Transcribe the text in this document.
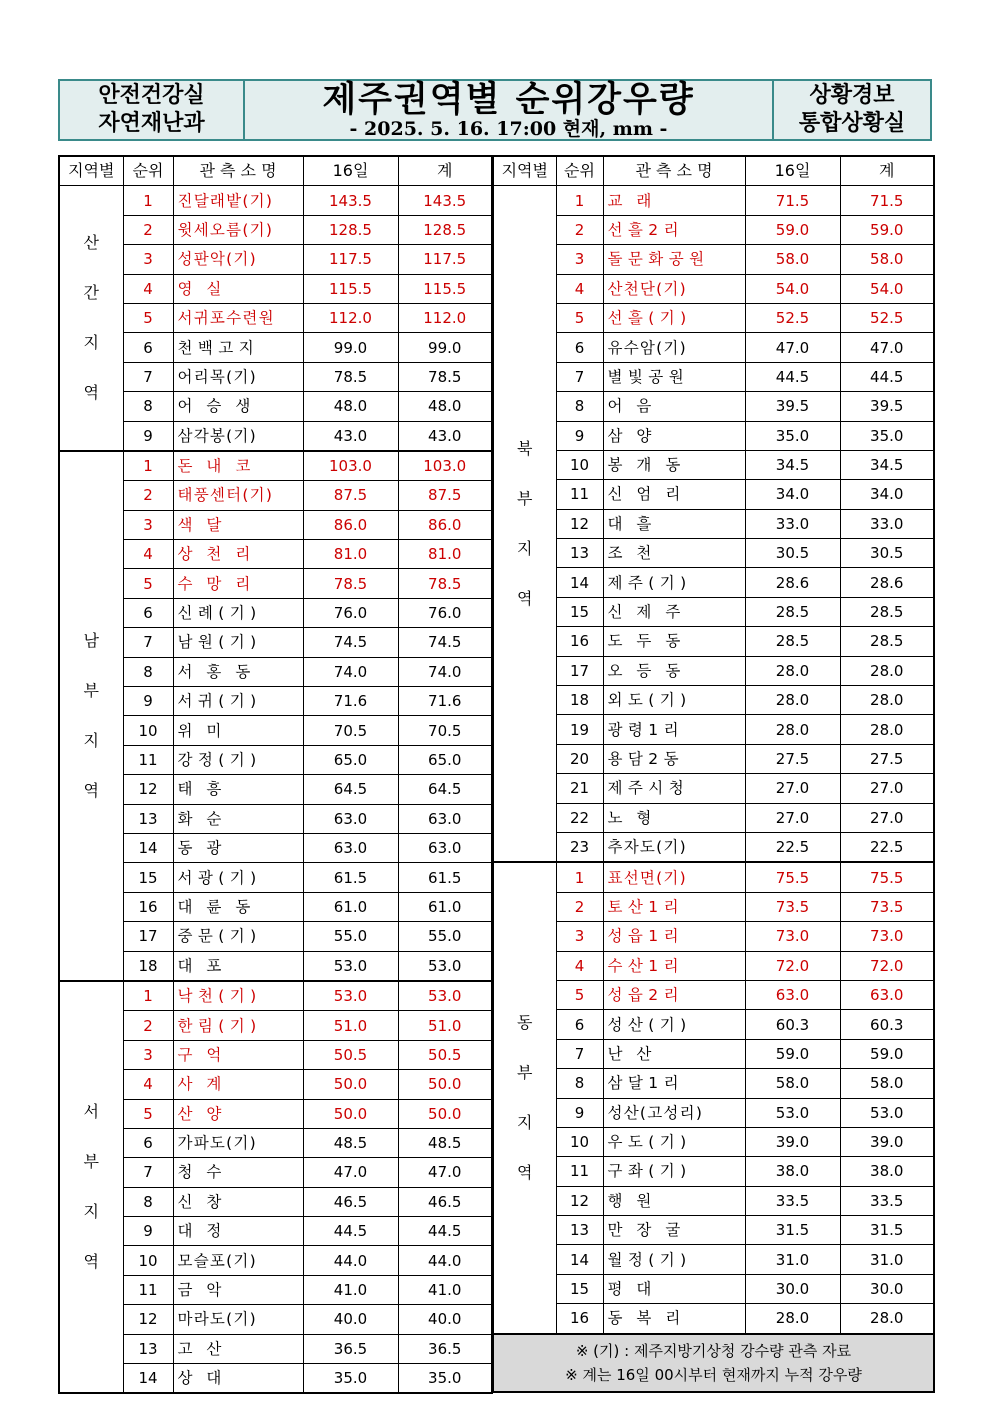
안전건강실
자연재난과
제주권역별 순위강우량
- 2025. 5. 16. 17:00 현재, mm -
상황경보
통합상황실
지역별	순위	관 측 소 명	16일	계

산
간
지
역	1	진달래밭(기)	143.5	143.5
	2	윗세오름(기)	128.5	128.5
	3	성판악(기)	117.5	117.5
	4	영실	115.5	115.5
	5	서귀포수련원	112.0	112.0
	6	천백고지	99.0	99.0
	7	어리목(기)	78.5	78.5
	8	어승생	48.0	48.0
	9	삼각봉(기)	43.0	43.0

남
부
지
역	1	돈내코	103.0	103.0
	2	태풍센터(기)	87.5	87.5
	3	색달	86.0	86.0
	4	상천리	81.0	81.0
	5	수망리	78.5	78.5
	6	신례(기)	76.0	76.0
	7	남원(기)	74.5	74.5
	8	서홍동	74.0	74.0
	9	서귀(기)	71.6	71.6
	10	위미	70.5	70.5
	11	강정(기)	65.0	65.0
	12	태흥	64.5	64.5
	13	화순	63.0	63.0
	14	동광	63.0	63.0
	15	서광(기)	61.5	61.5
	16	대륜동	61.0	61.0
	17	중문(기)	55.0	55.0
	18	대포	53.0	53.0

서
부
지
역	1	낙천(기)	53.0	53.0
	2	한림(기)	51.0	51.0
	3	구억	50.5	50.5
	4	사계	50.0	50.0
	5	산양	50.0	50.0
	6	가파도(기)	48.5	48.5
	7	청수	47.0	47.0
	8	신창	46.5	46.5
	9	대정	44.5	44.5
	10	모슬포(기)	44.0	44.0
	11	금악	41.0	41.0
	12	마라도(기)	40.0	40.0
	13	고산	36.5	36.5
	14	상대	35.0	35.0
지역별	순위	관 측 소 명	16일	계

북
부
지
역	1	교래	71.5	71.5
	2	선흘2리	59.0	59.0
	3	돌문화공원	58.0	58.0
	4	산천단(기)	54.0	54.0
	5	선흘(기)	52.5	52.5
	6	유수암(기)	47.0	47.0
	7	별빛공원	44.5	44.5
	8	어음	39.5	39.5
	9	삼양	35.0	35.0
	10	봉개동	34.5	34.5
	11	신엄리	34.0	34.0
	12	대흘	33.0	33.0
	13	조천	30.5	30.5
	14	제주(기)	28.6	28.6
	15	신제주	28.5	28.5
	16	도두동	28.5	28.5
	17	오등동	28.0	28.0
	18	외도(기)	28.0	28.0
	19	광령1리	28.0	28.0
	20	용담2동	27.5	27.5
	21	제주시청	27.0	27.0
	22	노형	27.0	27.0
	23	추자도(기)	22.5	22.5

동
부
지
역	1	표선면(기)	75.5	75.5
	2	토산1리	73.5	73.5
	3	성읍1리	73.0	73.0
	4	수산1리	72.0	72.0
	5	성읍2리	63.0	63.0
	6	성산(기)	60.3	60.3
	7	난산	59.0	59.0
	8	삼달1리	58.0	58.0
	9	성산(고성리)	53.0	53.0
	10	우도(기)	39.0	39.0
	11	구좌(기)	38.0	38.0
	12	행원	33.5	33.5
	13	만장굴	31.5	31.5
	14	월정(기)	31.0	31.0
	15	평대	30.0	30.0
	16	동복리	28.0	28.0

※ (기) : 제주지방기상청 강수량 관측 자료
※ 계는 16일 00시부터 현재까지 누적 강우량				
